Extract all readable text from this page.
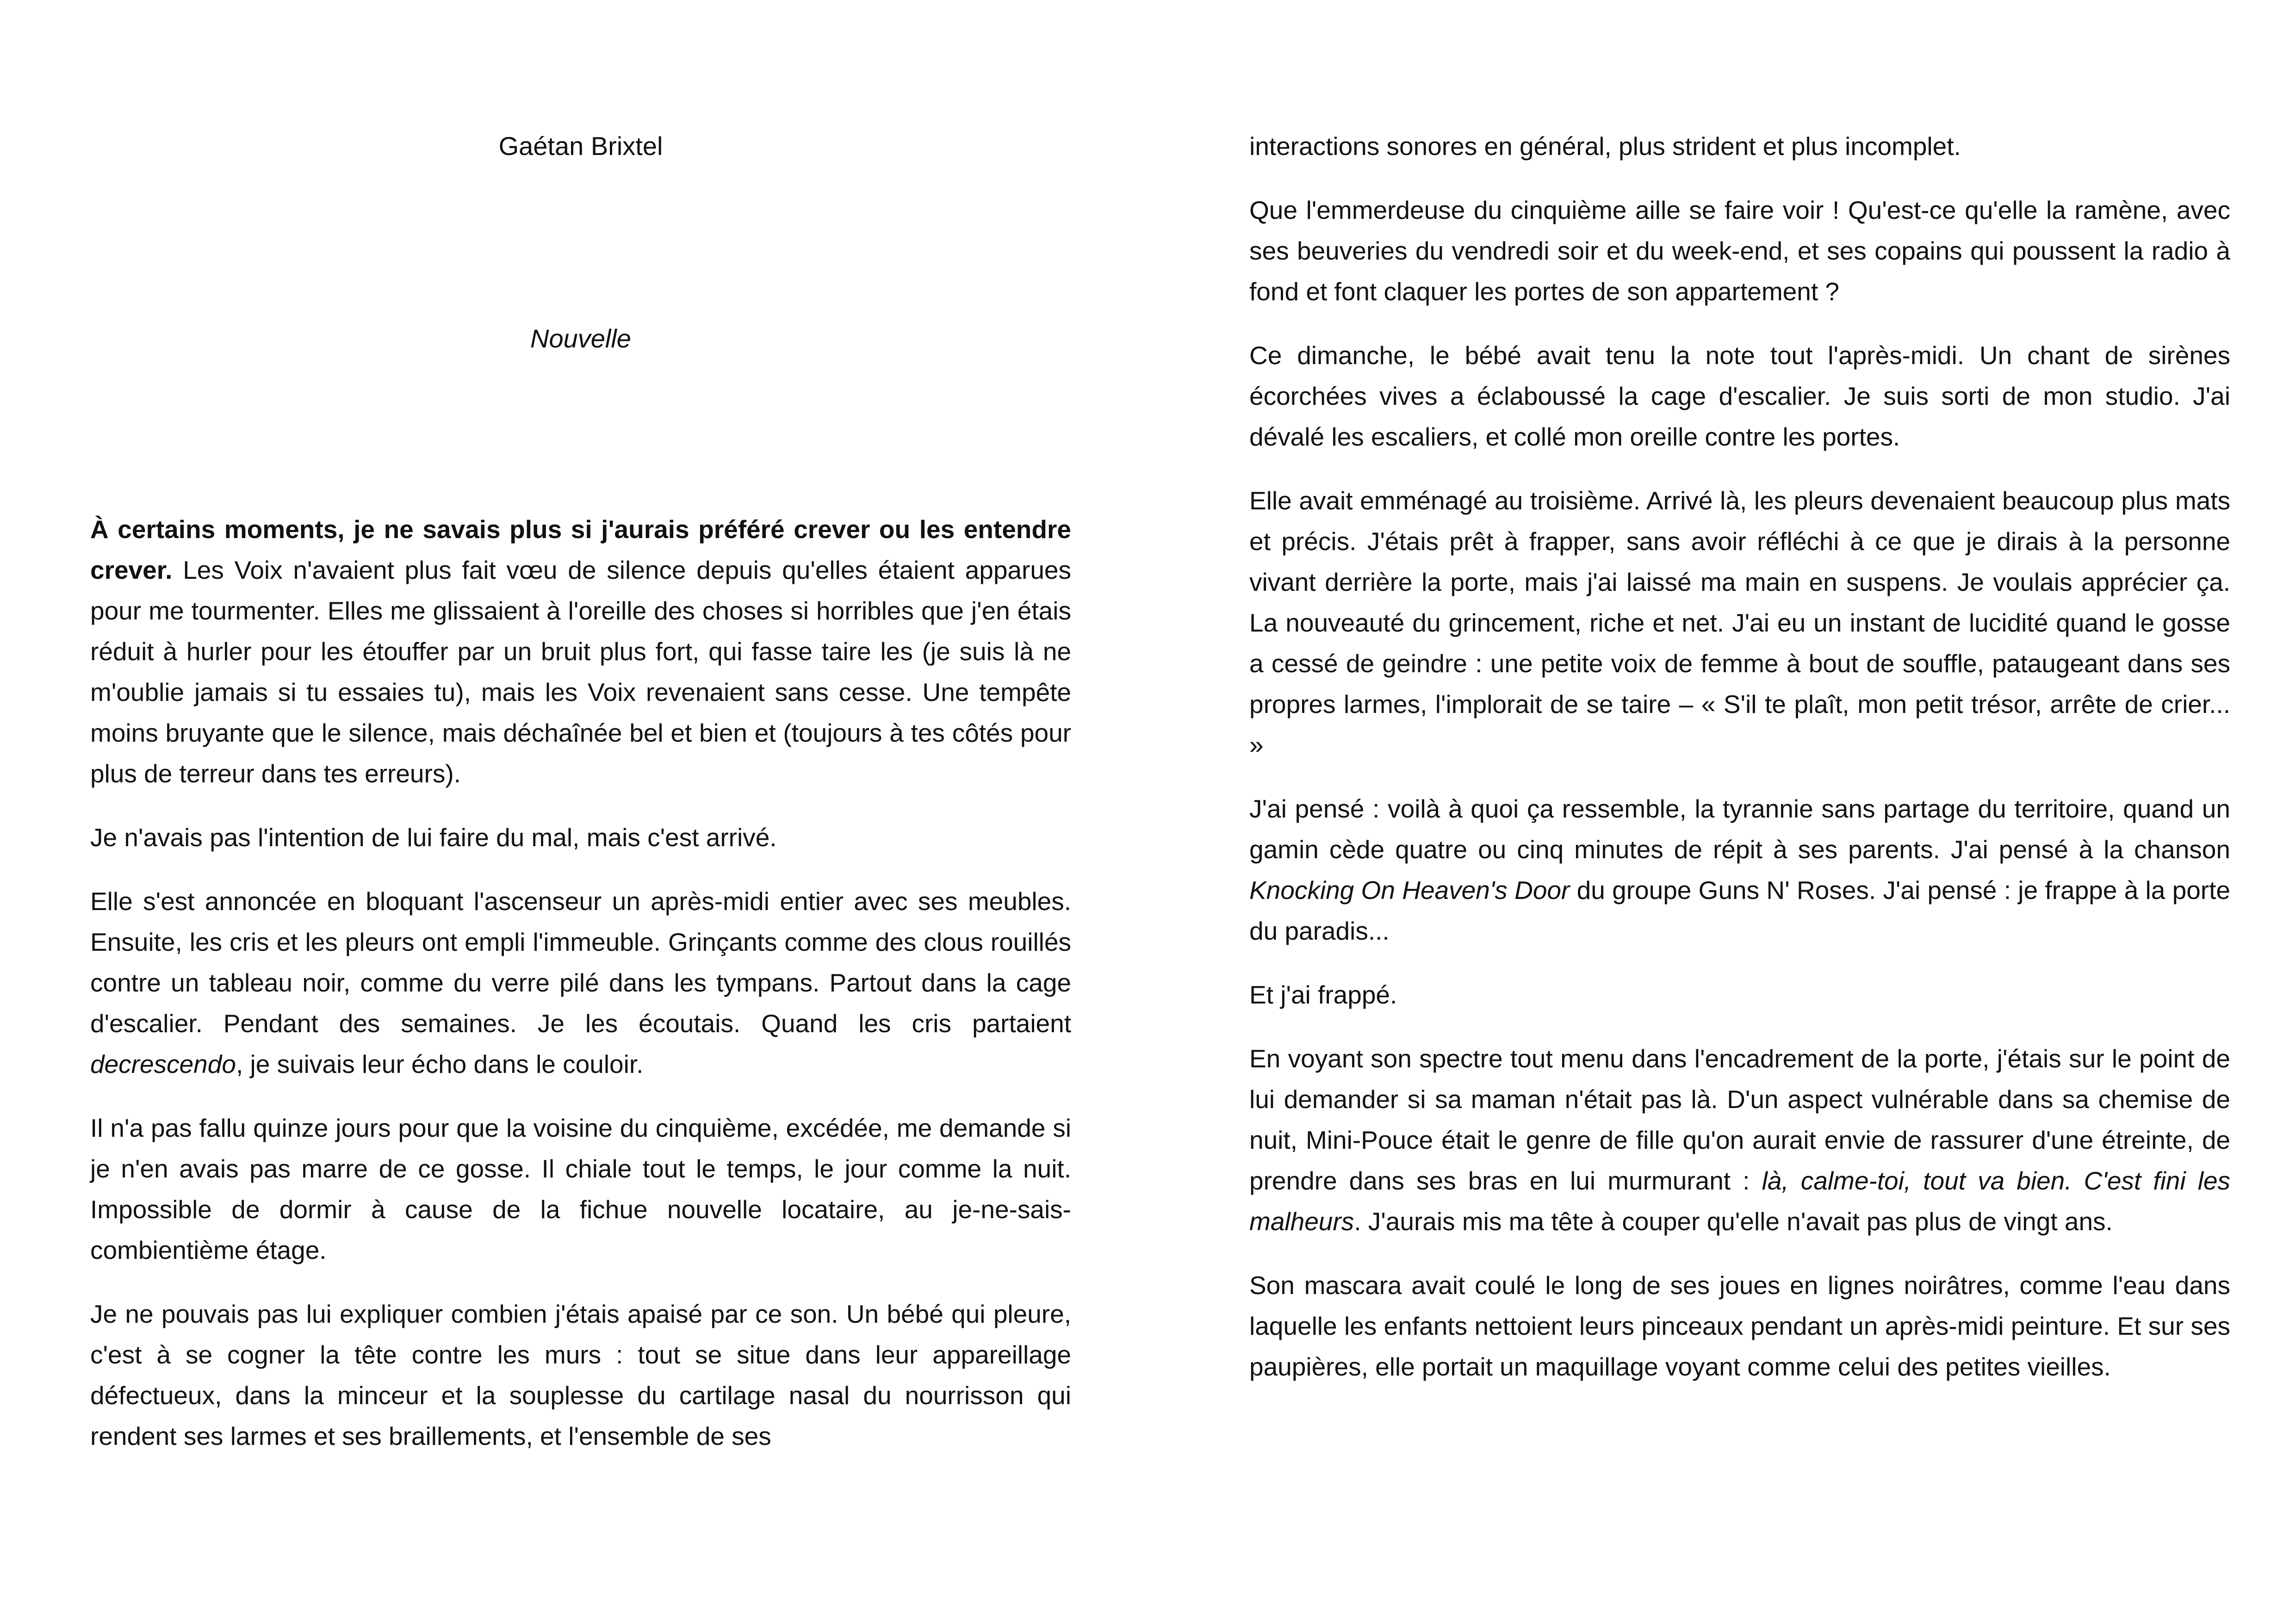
Gaétan Brixtel
Nouvelle

À certains moments, je ne savais plus si j'aurais préféré crever ou les entendre crever. Les Voix n'avaient plus fait vœu de silence depuis qu'elles étaient apparues pour me tourmenter. Elles me glissaient à l'oreille des choses si horribles que j'en étais réduit à hurler pour les étouffer par un bruit plus fort, qui fasse taire les (je suis là ne m'oublie jamais si tu essaies tu), mais les Voix revenaient sans cesse. Une tempête moins bruyante que le silence, mais déchaînée bel et bien et (toujours à tes côtés pour plus de terreur dans tes erreurs).

Je n'avais pas l'intention de lui faire du mal, mais c'est arrivé.

Elle s'est annoncée en bloquant l'ascenseur un après-midi entier avec ses meubles. Ensuite, les cris et les pleurs ont empli l'immeuble. Grinçants comme des clous rouillés contre un tableau noir, comme du verre pilé dans les tympans. Partout dans la cage d'escalier. Pendant des semaines. Je les écoutais. Quand les cris partaient decrescendo, je suivais leur écho dans le couloir.

Il n'a pas fallu quinze jours pour que la voisine du cinquième, excédée, me demande si je n'en avais pas marre de ce gosse. Il chiale tout le temps, le jour comme la nuit. Impossible de dormir à cause de la fichue nouvelle locataire, au je-ne-sais-combientième étage.

Je ne pouvais pas lui expliquer combien j'étais apaisé par ce son. Un bébé qui pleure, c'est à se cogner la tête contre les murs : tout se situe dans leur appareillage défectueux, dans la minceur et la souplesse du cartilage nasal du nourrisson qui rendent ses larmes et ses braillements, et l'ensemble de ses

interactions sonores en général, plus strident et plus incomplet.

Que l'emmerdeuse du cinquième aille se faire voir ! Qu'est-ce qu'elle la ramène, avec ses beuveries du vendredi soir et du week-end, et ses copains qui poussent la radio à fond et font claquer les portes de son appartement ?

Ce dimanche, le bébé avait tenu la note tout l'après-midi. Un chant de sirènes écorchées vives a éclaboussé la cage d'escalier. Je suis sorti de mon studio. J'ai dévalé les escaliers, et collé mon oreille contre les portes.

Elle avait emménagé au troisième. Arrivé là, les pleurs devenaient beaucoup plus mats et précis. J'étais prêt à frapper, sans avoir réfléchi à ce que je dirais à la personne vivant derrière la porte, mais j'ai laissé ma main en suspens. Je voulais apprécier ça. La nouveauté du grincement, riche et net. J'ai eu un instant de lucidité quand le gosse a cessé de geindre : une petite voix de femme à bout de souffle, pataugeant dans ses propres larmes, l'implorait de se taire – « S'il te plaît, mon petit trésor, arrête de crier... »

J'ai pensé : voilà à quoi ça ressemble, la tyrannie sans partage du territoire, quand un gamin cède quatre ou cinq minutes de répit à ses parents. J'ai pensé à la chanson Knocking On Heaven's Door du groupe Guns N' Roses. J'ai pensé : je frappe à la porte du paradis...

Et j'ai frappé.

En voyant son spectre tout menu dans l'encadrement de la porte, j'étais sur le point de lui demander si sa maman n'était pas là. D'un aspect vulnérable dans sa chemise de nuit, Mini-Pouce était le genre de fille qu'on aurait envie de rassurer d'une étreinte, de prendre dans ses bras en lui murmurant : là, calme-toi, tout va bien. C'est fini les malheurs. J'aurais mis ma tête à couper qu'elle n'avait pas plus de vingt ans.

Son mascara avait coulé le long de ses joues en lignes noirâtres, comme l'eau dans laquelle les enfants nettoient leurs pinceaux pendant un après-midi peinture. Et sur ses paupières, elle portait un maquillage voyant comme celui des petites vieilles.
